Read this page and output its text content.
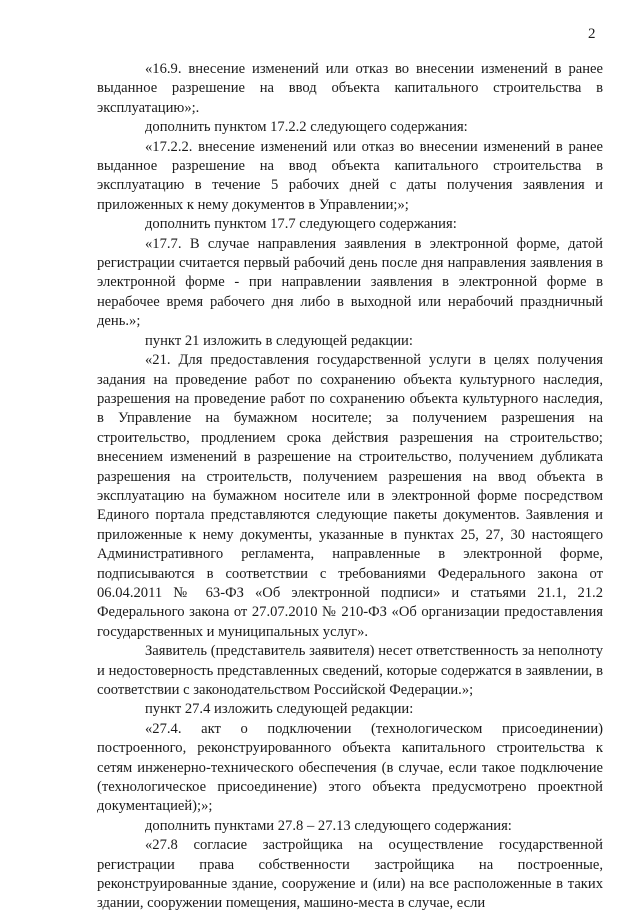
2

«16.9. внесение изменений или отказ во внесении изменений в ранее выданное разрешение на ввод объекта капитального строительства в эксплуатацию»;.

дополнить пунктом 17.2.2 следующего содержания:

«17.2.2. внесение изменений или отказ во внесении изменений в ранее выданное разрешение на ввод объекта капитального строительства в эксплуатацию в течение 5 рабочих дней с даты получения заявления и приложенных к нему документов в Управлении;»;

дополнить пунктом 17.7 следующего содержания:

«17.7. В случае направления заявления в электронной форме, датой регистрации считается первый рабочий день после дня направления заявления в электронной форме - при направлении заявления в электронной форме в нерабочее время рабочего дня либо в выходной или нерабочий праздничный день.»;

пункт 21 изложить в следующей редакции:

«21. Для предоставления государственной услуги в целях получения задания на проведение работ по сохранению объекта культурного наследия, разрешения на проведение работ по сохранению объекта культурного наследия, в Управление на бумажном носителе; за получением разрешения на строительство, продлением срока действия разрешения на строительство; внесением изменений в разрешение на строительство, получением дубликата разрешения на строительств, получением разрешения на ввод объекта в эксплуатацию на бумажном носителе или в электронной форме посредством Единого портала представляются следующие пакеты документов. Заявления и приложенные к нему документы, указанные в пунктах 25, 27, 30 настоящего Административного регламента, направленные в электронной форме, подписываются в соответствии с требованиями Федерального закона от 06.04.2011 № 63-ФЗ «Об электронной подписи» и статьями 21.1, 21.2 Федерального закона от 27.07.2010 № 210-ФЗ «Об организации предоставления государственных и муниципальных услуг».

Заявитель (представитель заявителя) несет ответственность за неполноту и недостоверность представленных сведений, которые содержатся в заявлении, в соответствии с законодательством Российской Федерации.»;

пункт 27.4 изложить следующей редакции:

«27.4. акт о подключении (технологическом присоединении) построенного, реконструированного объекта капитального строительства к сетям инженерно-технического обеспечения (в случае, если такое подключение (технологическое присоединение) этого объекта предусмотрено проектной документацией);»;

дополнить пунктами 27.8 – 27.13 следующего содержания:

«27.8 согласие застройщика на осуществление государственной регистрации права собственности застройщика на построенные, реконструированные здание, сооружение и (или) на все расположенные в таких здании, сооружении помещения, машино-места в случае, если
